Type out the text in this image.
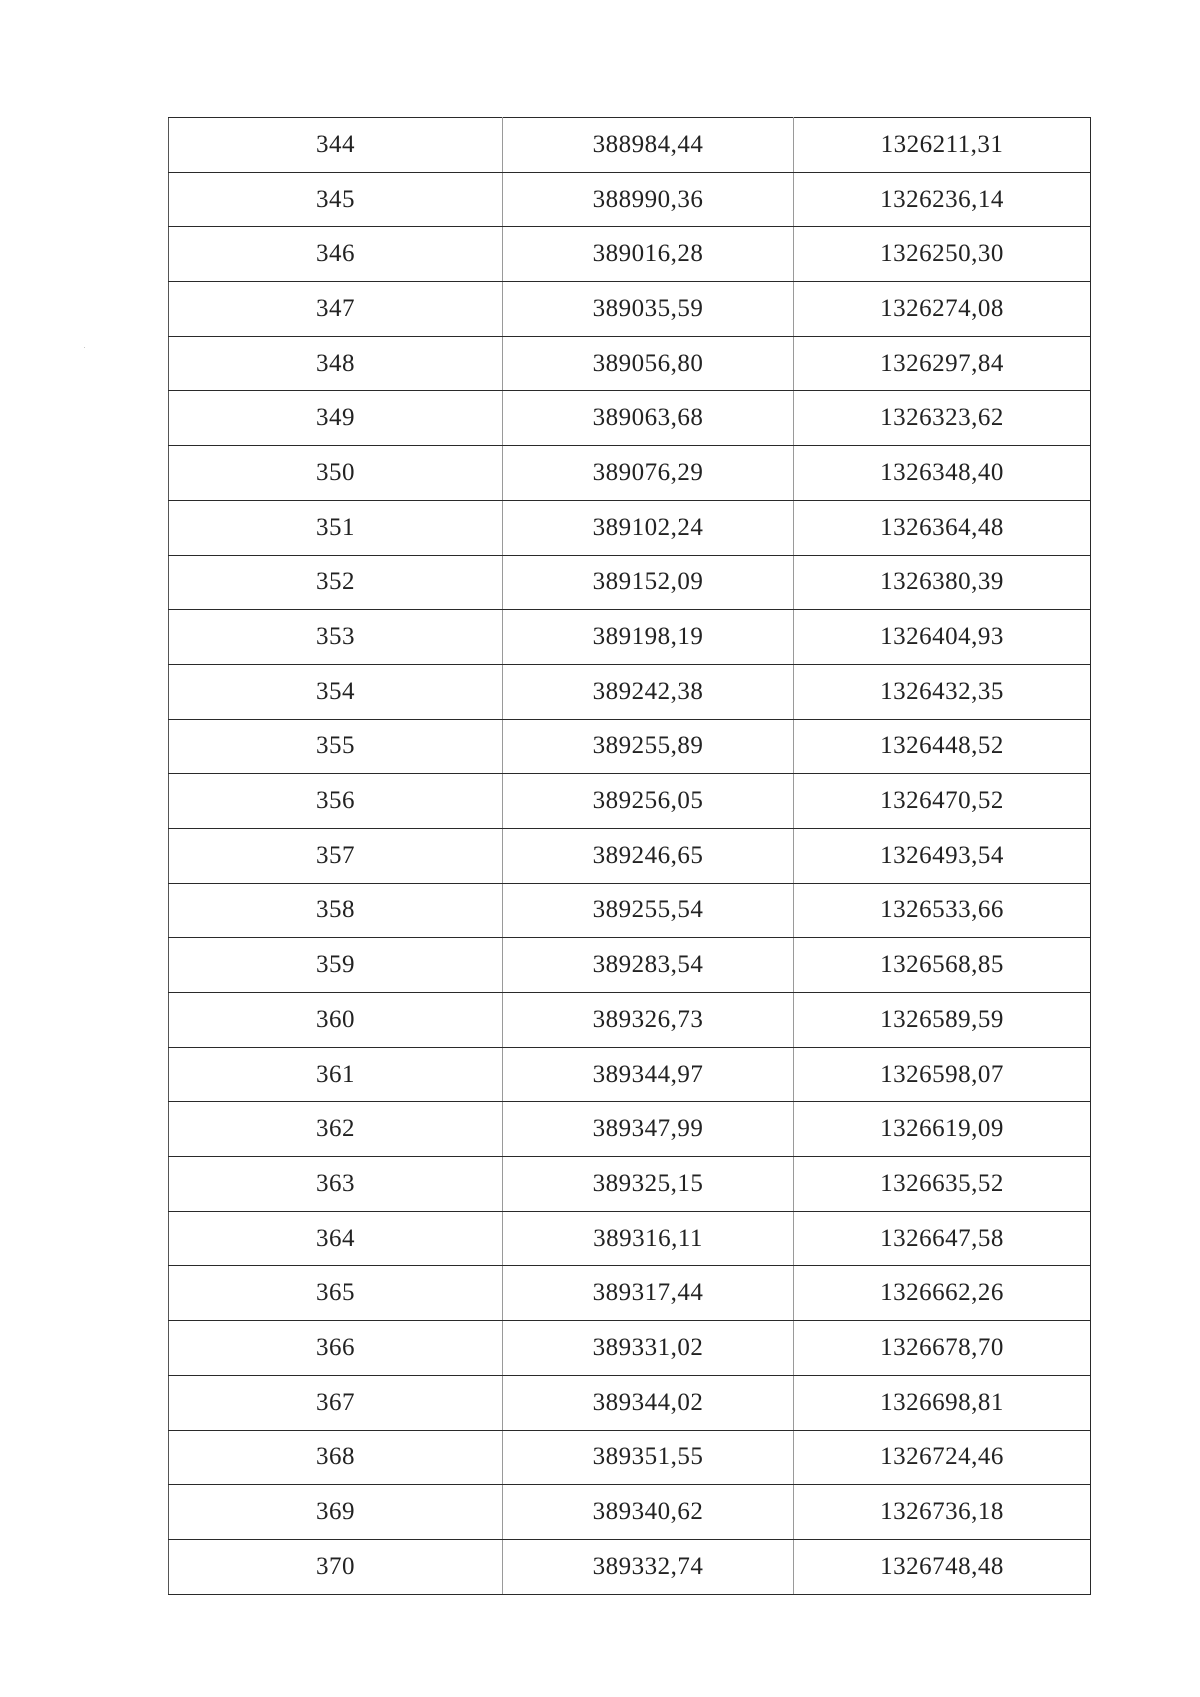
344	388984,44	1326211,31
345	388990,36	1326236,14
346	389016,28	1326250,30
347	389035,59	1326274,08
348	389056,80	1326297,84
349	389063,68	1326323,62
350	389076,29	1326348,40
351	389102,24	1326364,48
352	389152,09	1326380,39
353	389198,19	1326404,93
354	389242,38	1326432,35
355	389255,89	1326448,52
356	389256,05	1326470,52
357	389246,65	1326493,54
358	389255,54	1326533,66
359	389283,54	1326568,85
360	389326,73	1326589,59
361	389344,97	1326598,07
362	389347,99	1326619,09
363	389325,15	1326635,52
364	389316,11	1326647,58
365	389317,44	1326662,26
366	389331,02	1326678,70
367	389344,02	1326698,81
368	389351,55	1326724,46
369	389340,62	1326736,18
370	389332,74	1326748,48
